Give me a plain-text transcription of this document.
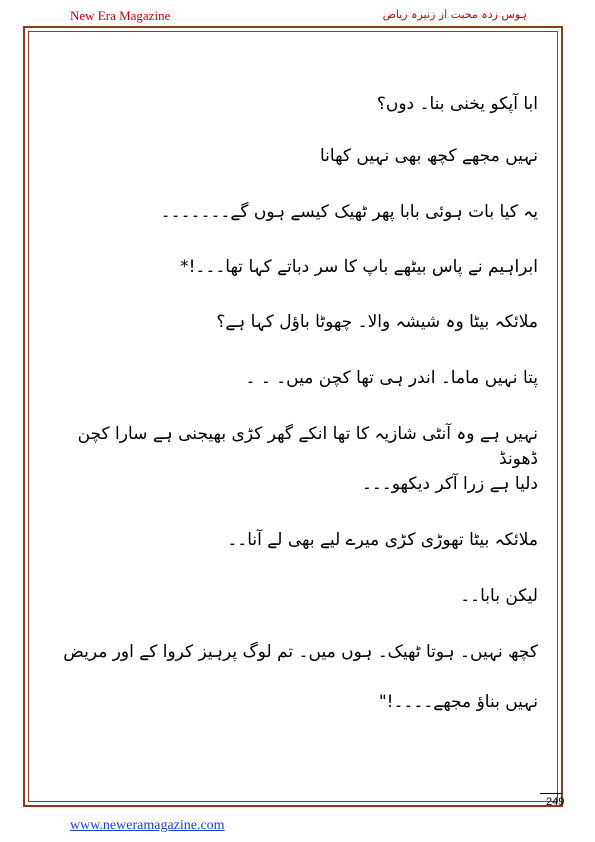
New Era Magazine	ہوس زدہ محبت از زنیرہ ریاض

ابا آپکو یخنی بنا۔ دوں؟

نہیں مجھے کچھ بھی نہیں کھانا

یہ کیا بات ہوئی بابا پھر ٹھیک کیسے ہوں گے۔۔۔۔۔۔۔

ابراہیم نے پاس بیٹھے باپ کا سر دباتے کہا تھا۔۔۔!*

ملائکہ بیٹا وہ شیشہ والا۔ چھوٹا باؤل کہا ہے؟

پتا نہیں ماما۔ اندر ہی تھا کچن میں۔ ۔ ۔

نہیں ہے وہ آنٹی شازیہ کا تھا انکے گھر کڑی بھیجنی ہے سارا کچن ڈھونڈ

دلیا ہے زرا آکر دیکھو۔۔۔

ملائکہ بیٹا تھوڑی کڑی میرے لیے بھی لے آنا۔۔

لیکن بابا۔۔

کچھ نہیں۔ ہوتا ٹھیک۔ ہوں میں۔ تم لوگ پرہیز کروا کے اور مریض

نہیں بناؤ مجھے۔۔۔۔!"

249
www.neweramagazine.com
